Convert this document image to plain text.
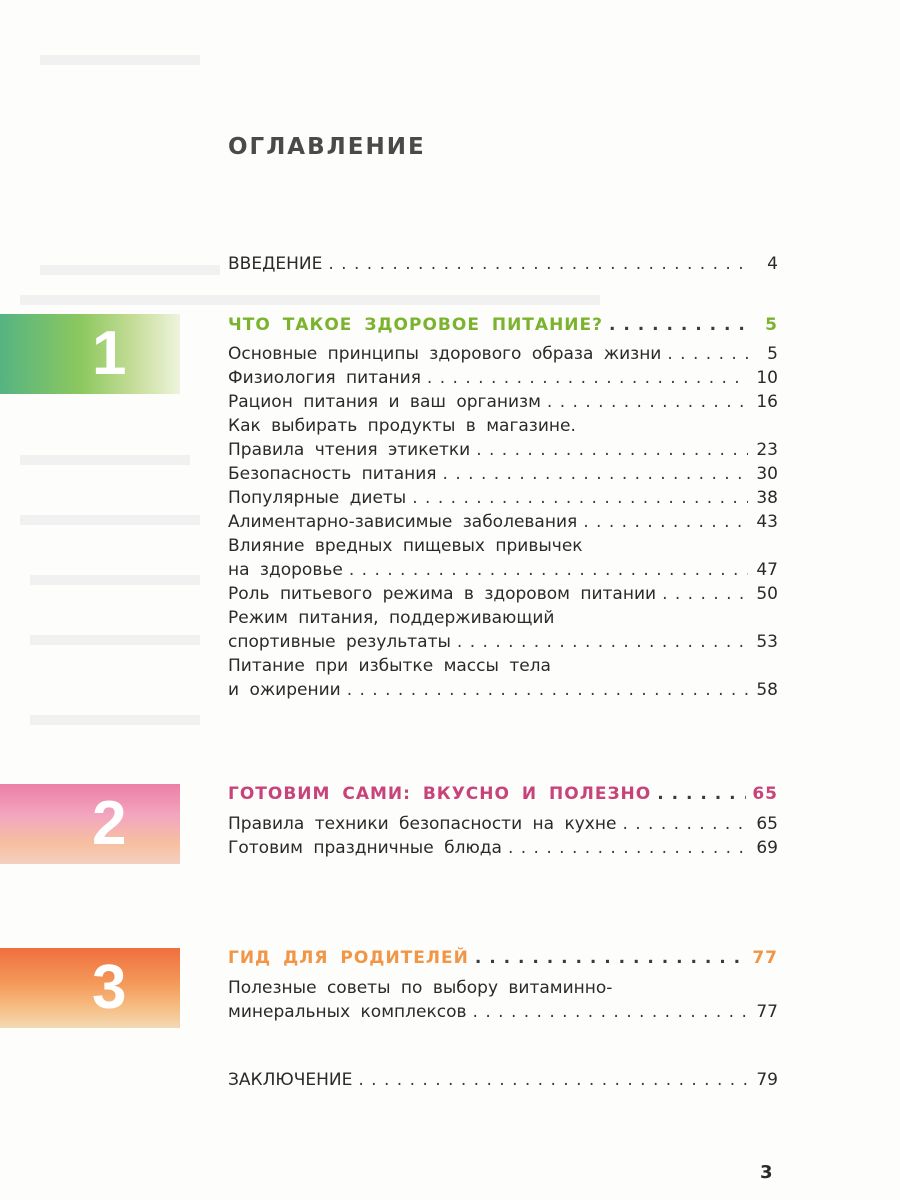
ОГЛАВЛЕНИЕ
ВВЕДЕНИЕ . . .	4
1	ЧТО ТАКОЕ ЗДОРОВОЕ ПИТАНИЕ? . . .	5
Основные принципы здорового образа жизни . . .	5
Физиология питания . . .	10
Рацион питания и ваш организм . . .	16
Как выбирать продукты в магазине.
Правила чтения этикетки . . .	23
Безопасность питания . . .	30
Популярные диеты . . .	38
Алиментарно-зависимые заболевания . . .	43
Влияние вредных пищевых привычек
на здоровье . . .	47
Роль питьевого режима в здоровом питании . . .	50
Режим питания, поддерживающий
спортивные результаты . . .	53
Питание при избытке массы тела
и ожирении . . .	58
2	ГОТОВИМ САМИ: ВКУСНО И ПОЛЕЗНО . . .	65
Правила техники безопасности на кухне . . .	65
Готовим праздничные блюда . . .	69
3	ГИД ДЛЯ РОДИТЕЛЕЙ . . .	77
Полезные советы по выбору витаминно-
минеральных комплексов . . .	77
ЗАКЛЮЧЕНИЕ . . .	79
3
